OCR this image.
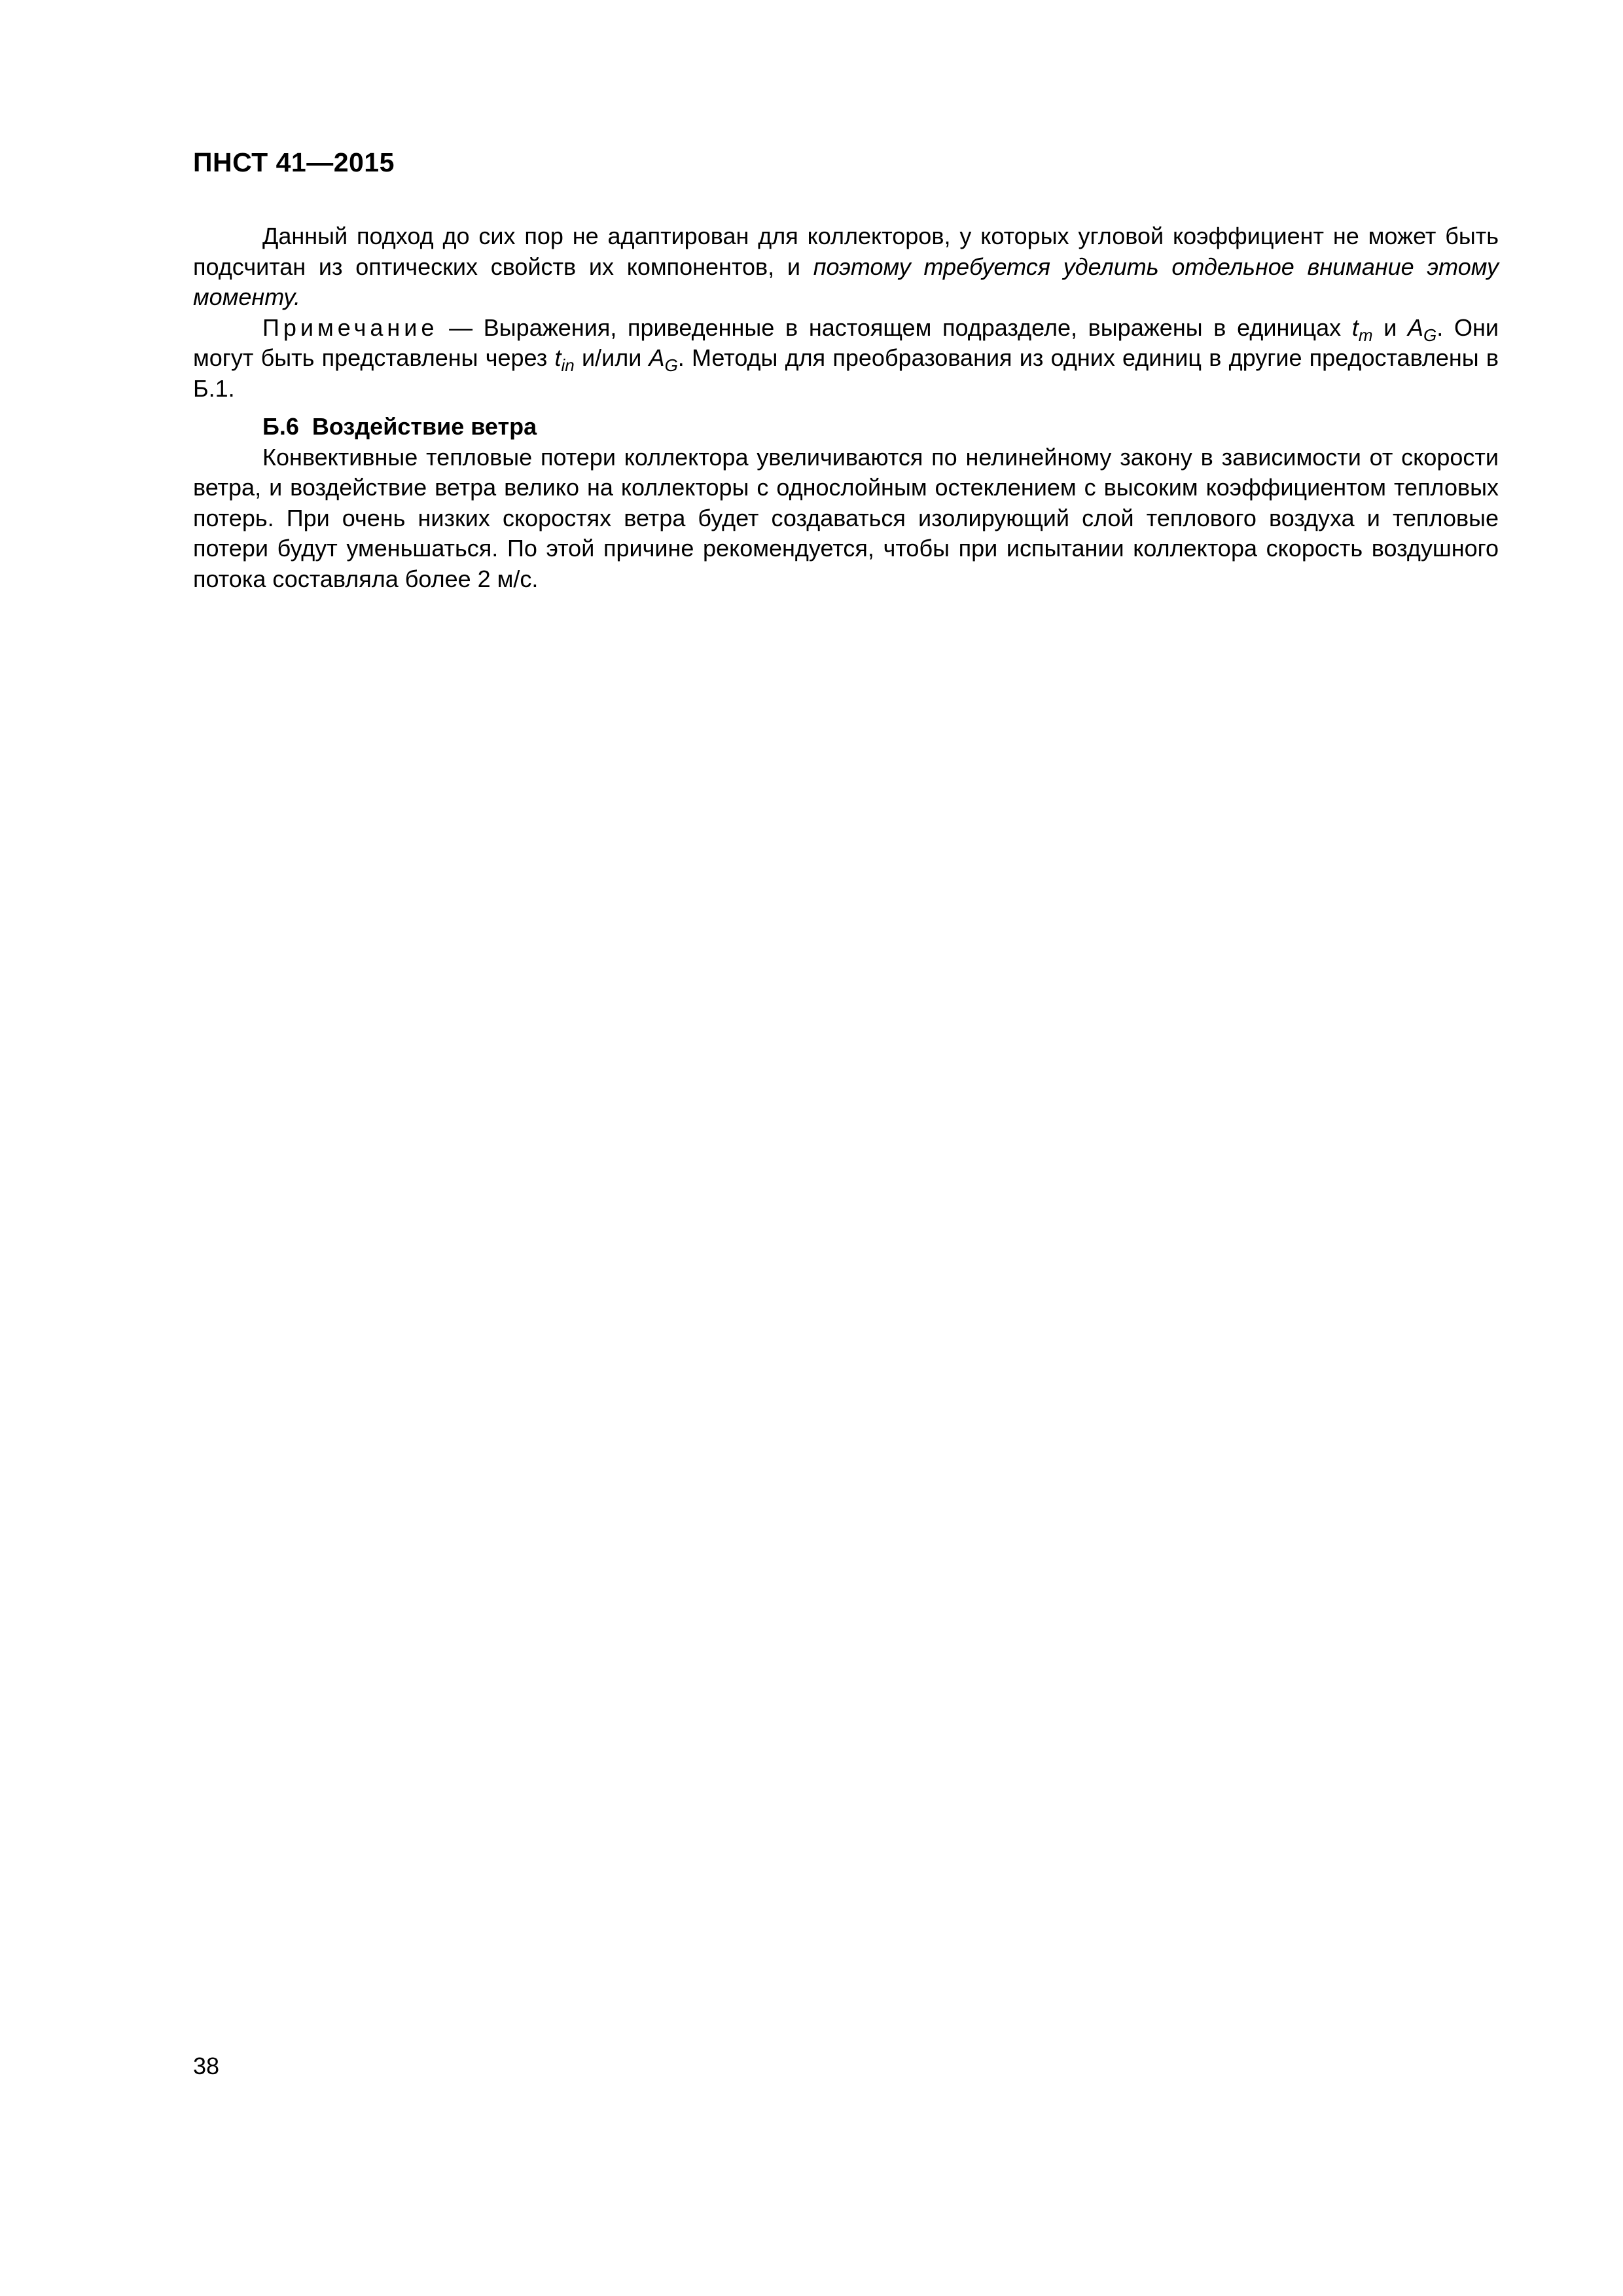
ПНСТ 41—2015

Данный подход до сих пор не адаптирован для коллекторов, у которых угловой коэффициент не может быть подсчитан из оптических свойств их компонентов, и поэтому требуется уделить отдельное внимание этому моменту.

Примечание — Выражения, приведенные в настоящем подразделе, выражены в единицах $t_m$ и $A_G$. Они могут быть представлены через $t_{in}$ и/или $A_G$. Методы для преобразования из одних единиц в другие предоставлены в Б.1.

Б.6 Воздействие ветра

Конвективные тепловые потери коллектора увеличиваются по нелинейному закону в зависимости от скорости ветра, и воздействие ветра велико на коллекторы с однослойным остеклением с высоким коэффициентом тепловых потерь. При очень низких скоростях ветра будет создаваться изолирующий слой теплового воздуха и тепловые потери будут уменьшаться. По этой причине рекомендуется, чтобы при испытании коллектора скорость воздушного потока составляла более 2 м/с.

38
